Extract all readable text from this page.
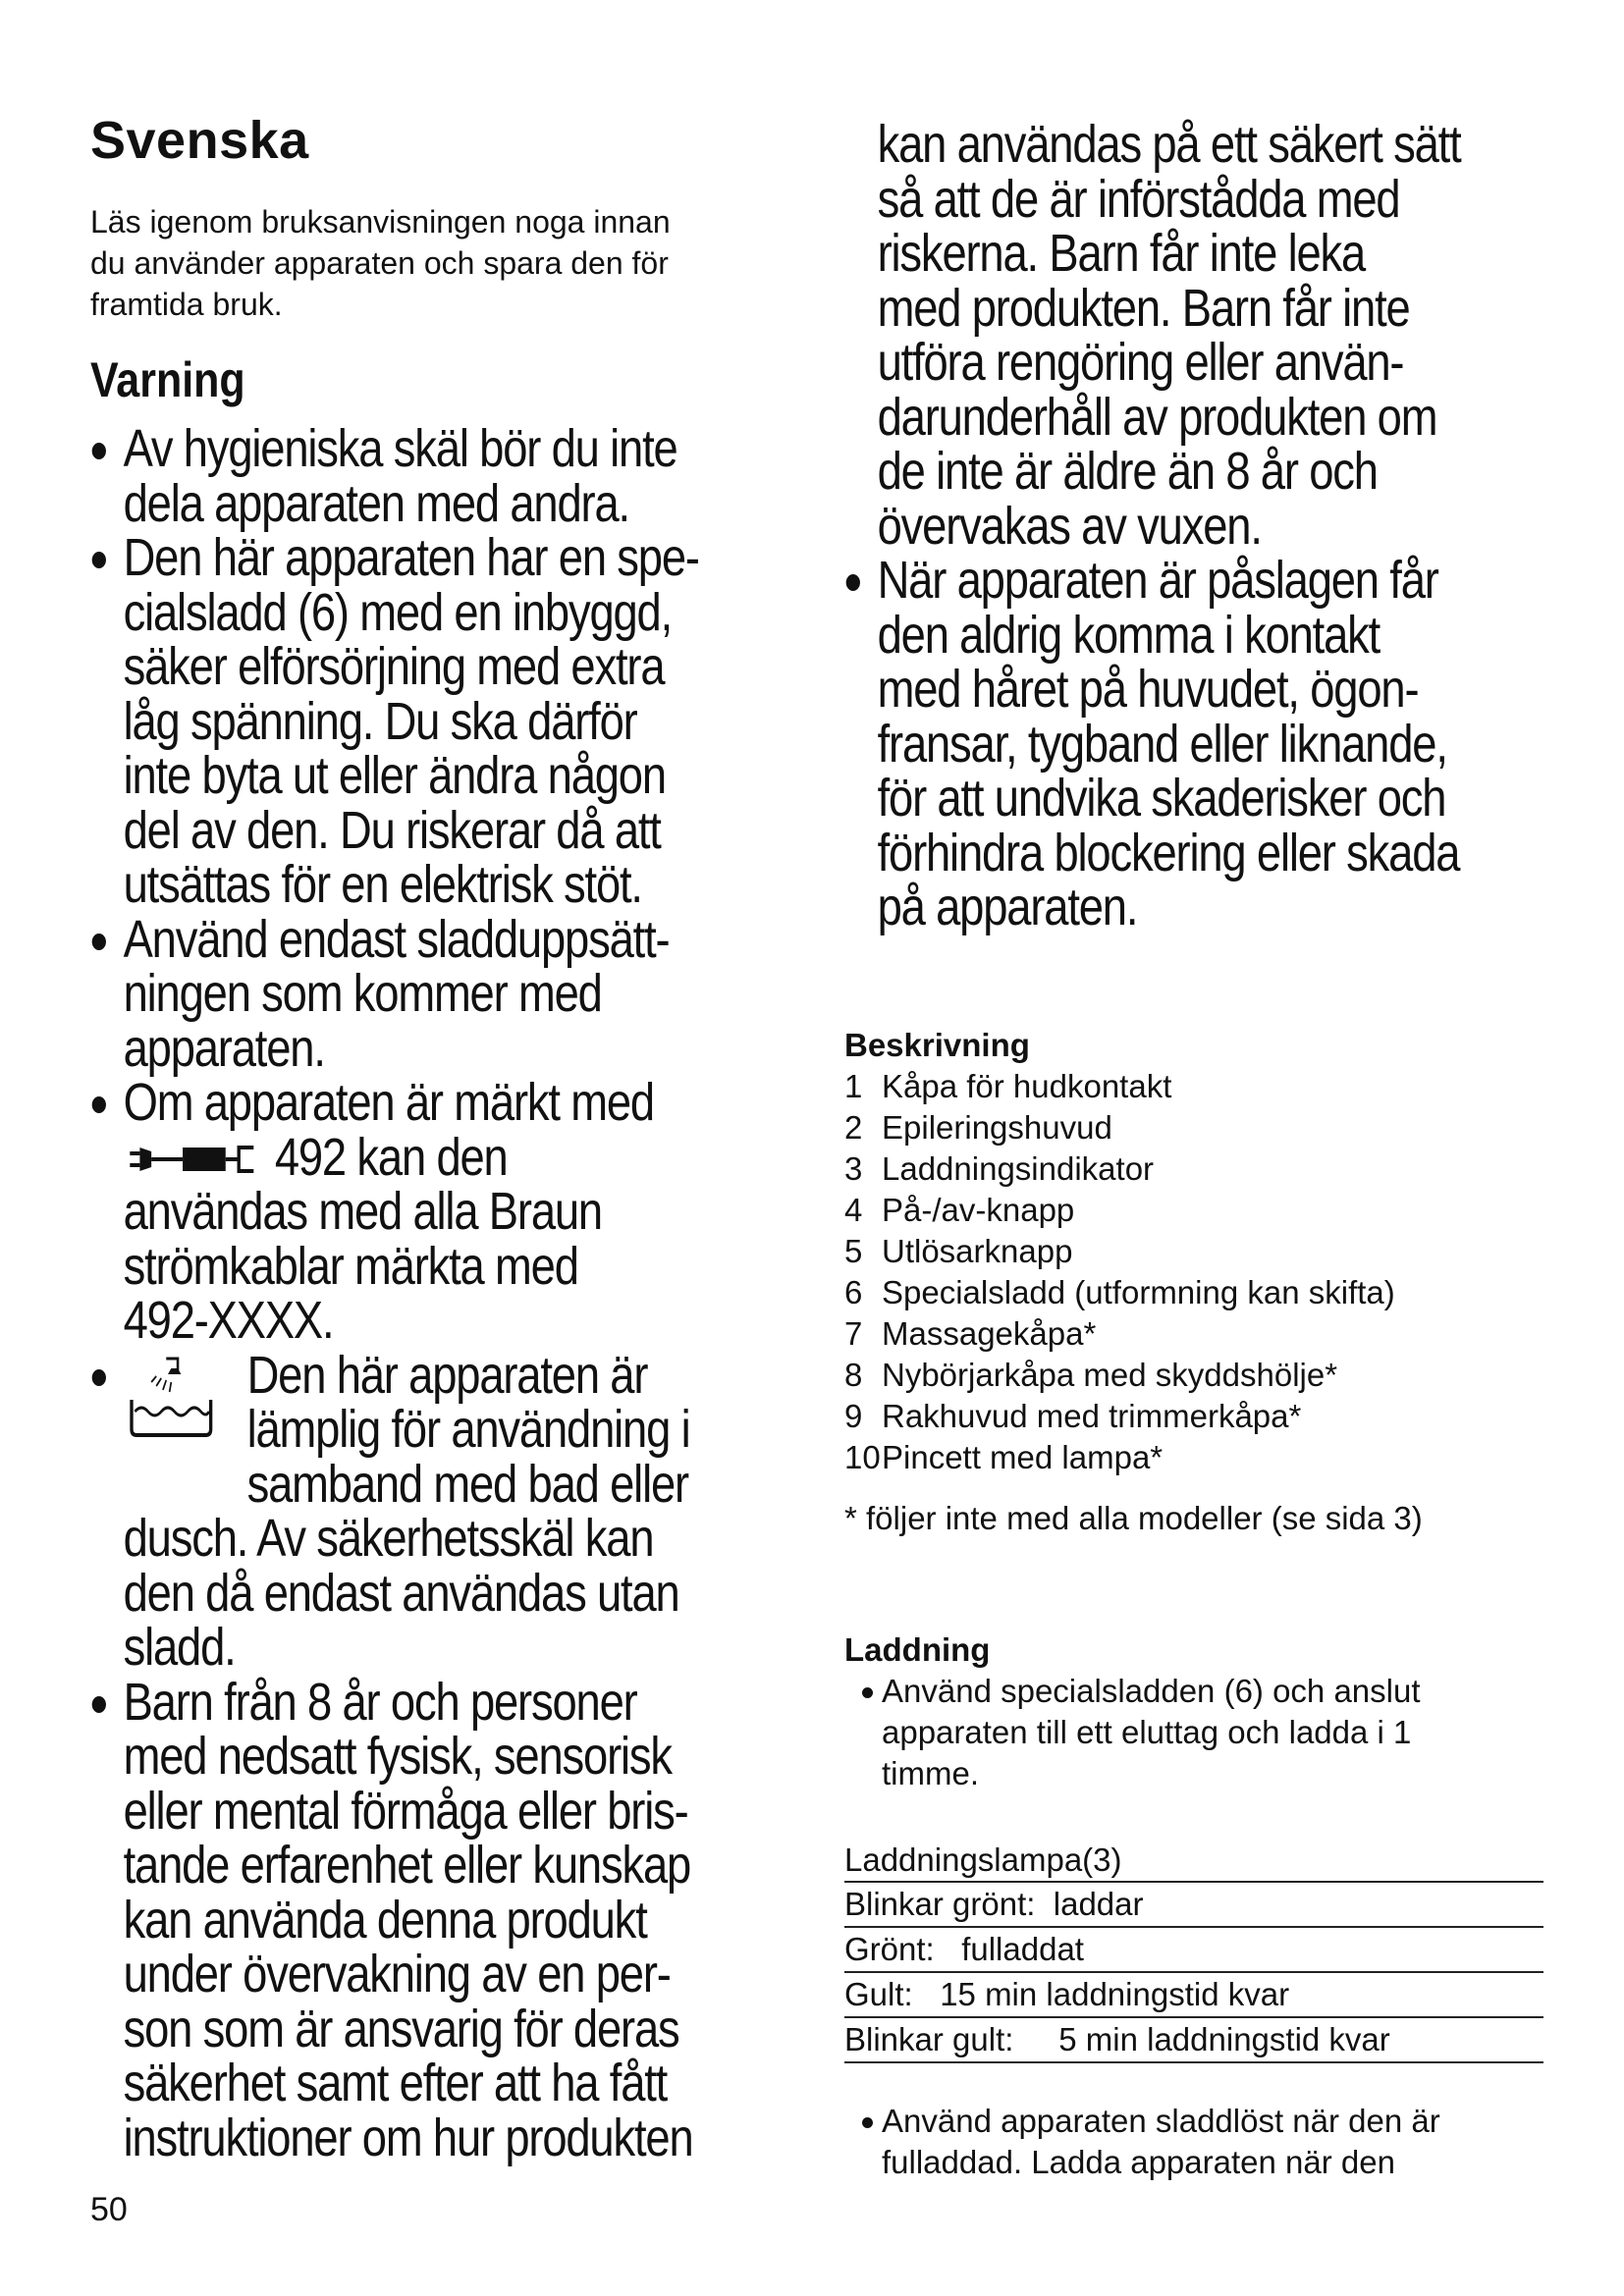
Svenska
Läs igenom bruksanvisningen noga innan
du använder apparaten och spara den för
framtida bruk.
Varning
Av hygieniska skäl bör du inte
dela apparaten med andra.
Den här apparaten har en spe-
cialsladd (6) med en inbyggd,
säker elförsörjning med extra
låg spänning. Du ska därför
inte byta ut eller ändra någon
del av den. Du riskerar då att
utsättas för en elektrisk stöt.
Använd endast sladduppsätt-
ningen som kommer med
apparaten.
Om apparaten är märkt med
492 kan den
användas med alla Braun
strömkablar märkta med
492-XXXX.
Den här apparaten är
lämplig för användning i
samband med bad eller
dusch. Av säkerhetsskäl kan
den då endast användas utan
sladd.
Barn från 8 år och personer
med nedsatt fysisk, sensorisk
eller mental förmåga eller bris-
tande erfarenhet eller kunskap
kan använda denna produkt
under övervakning av en per-
son som är ansvarig för deras
säkerhet samt efter att ha fått
instruktioner om hur produkten
50
kan användas på ett säkert sätt
så att de är införstådda med
riskerna. Barn får inte leka
med produkten. Barn får inte
utföra rengöring eller använ-
darunderhåll av produkten om
de inte är äldre än 8 år och
övervakas av vuxen.
När apparaten är påslagen får
den aldrig komma i kontakt
med håret på huvudet, ögon-
fransar, tygband eller liknande,
för att undvika skaderisker och
förhindra blockering eller skada
på apparaten.
Beskrivning
1 Kåpa för hudkontakt
2 Epileringshuvud
3 Laddningsindikator
4 På-/av-knapp
5 Utlösarknapp
6 Specialsladd (utformning kan skifta)
7 Massagekåpa*
8 Nybörjarkåpa med skyddshölje*
9 Rakhuvud med trimmerkåpa*
10Pincett med lampa*
* följer inte med alla modeller (se sida 3)
Laddning
Använd specialsladden (6) och anslut
apparaten till ett eluttag och ladda i 1
timme.
Laddningslampa(3)
Blinkar grönt:  laddar
Grönt:   fulladdat
Gult:   15 min laddningstid kvar
Blinkar gult:     5 min laddningstid kvar
Använd apparaten sladdlöst när den är
fulladdad. Ladda apparaten när den
